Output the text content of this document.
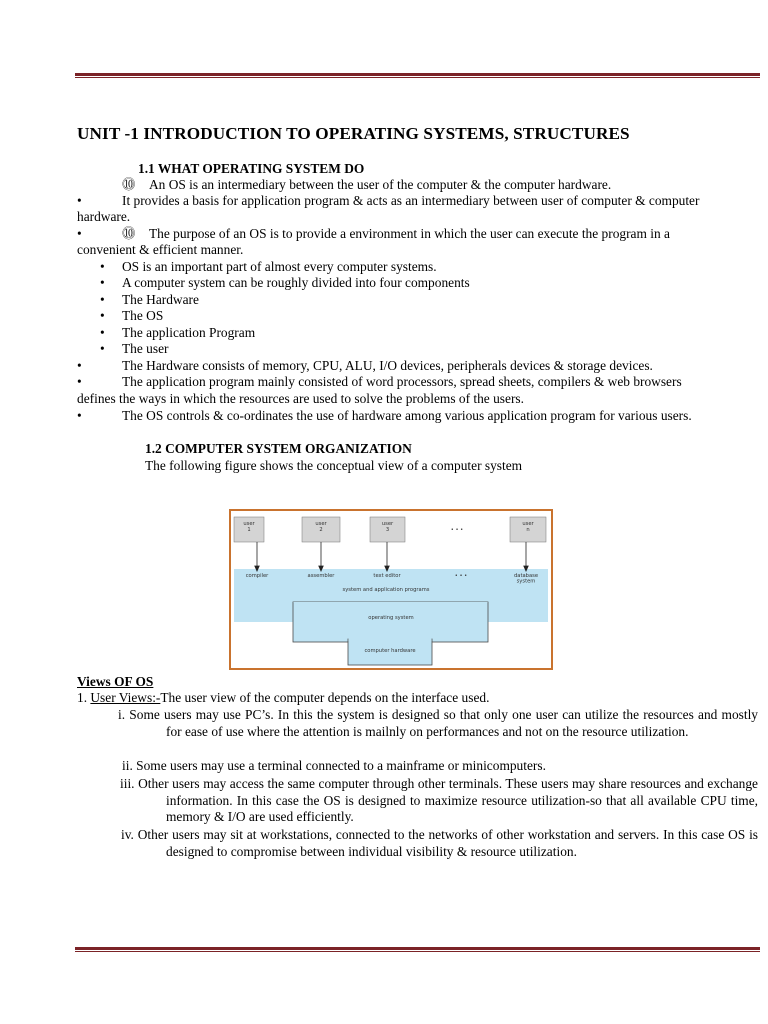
UNIT -1 INTRODUCTION TO OPERATING SYSTEMS, STRUCTURES
1.1 WHAT OPERATING SYSTEM DO
⓾ An OS is an intermediary between the user of the computer & the computer hardware.
•	It provides a basis for application program & acts as an intermediary between user of computer & computer
hardware.
•	⓾ The purpose of an OS is to provide a environment in which the user can execute the program in a
convenient & efficient manner.
• OS is an important part of almost every computer systems.
• A computer system can be roughly divided into four components
• The Hardware
• The OS
• The application Program
• The user
•	The Hardware consists of memory, CPU, ALU, I/O devices, peripherals devices & storage devices.
•	The application program mainly consisted of word processors, spread sheets, compilers & web browsers
defines the ways in which the resources are used to solve the problems of the users.
•	The OS controls & co-ordinates the use of hardware among various application program for various users.
1.2 COMPUTER SYSTEM ORGANIZATION
The following figure shows the conceptual view of a computer system
user 1
user 2
user 3
user n
• • •
compiler	assembler	text editor	• • •	database system
system and application programs
operating system
computer hardware
Views OF OS
1. User Views:-The user view of the computer depends on the interface used.
i. Some users may use PC’s. In this the system is designed so that only one user can utilize the resources and mostly for ease of use where the attention is mailnly on performances and not on the resource utilization.
ii. Some users may use a terminal connected to a mainframe or minicomputers.
iii. Other users may access the same computer through other terminals. These users may share resources and exchange information. In this case the OS is designed to maximize resource utilization-so that all available CPU time, memory & I/O are used efficiently.
iv. Other users may sit at workstations, connected to the networks of other workstation and servers. In this case OS is designed to compromise between individual visibility & resource utilization.
